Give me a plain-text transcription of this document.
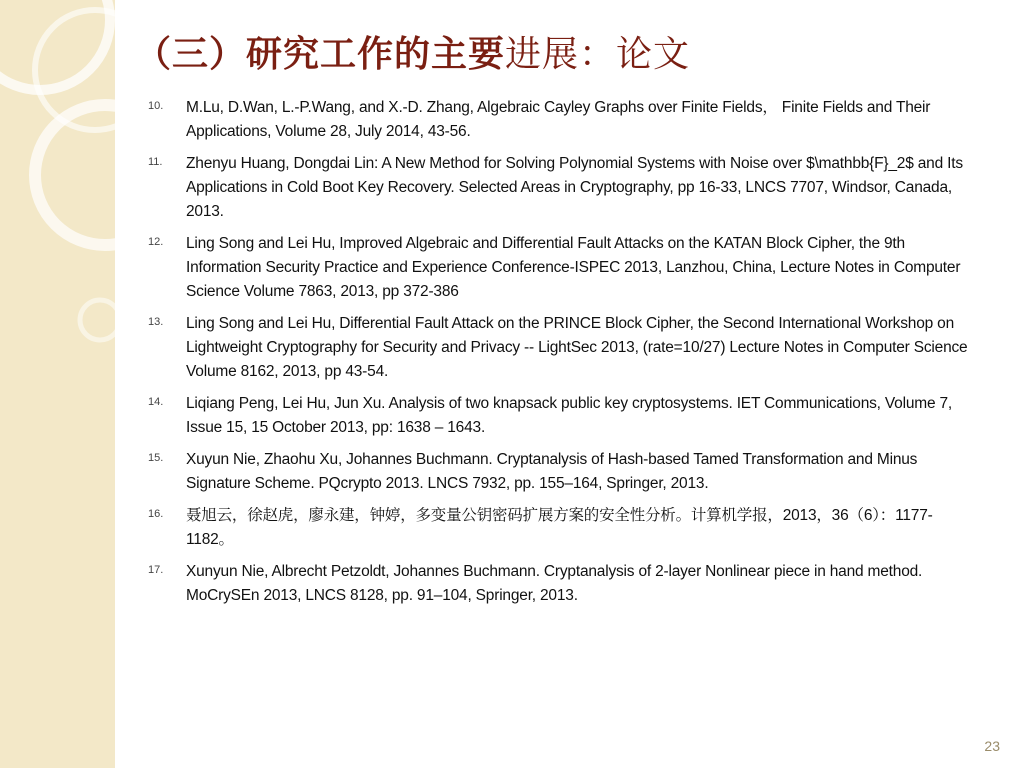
（三）研究工作的主要进展：论文
10.	M.Lu, D.Wan, L.-P.Wang, and X.-D. Zhang, Algebraic Cayley Graphs over Finite Fields， Finite Fields and Their Applications, Volume 28, July 2014, 43-56.
11.	Zhenyu Huang, Dongdai Lin: A New Method for Solving Polynomial Systems with Noise over $\mathbb{F}_2$ and Its Applications in Cold Boot Key Recovery. Selected Areas in Cryptography, pp 16-33, LNCS 7707, Windsor, Canada, 2013.
12.	Ling Song and Lei Hu, Improved Algebraic and Differential Fault Attacks on the KATAN Block Cipher, the 9th Information Security Practice and Experience Conference-ISPEC 2013, Lanzhou, China, Lecture Notes in Computer Science Volume 7863, 2013, pp 372-386
13.	Ling Song and Lei Hu, Differential Fault Attack on the PRINCE Block Cipher, the Second International Workshop on Lightweight Cryptography for Security and Privacy -- LightSec 2013, (rate=10/27) Lecture Notes in Computer Science Volume 8162, 2013, pp 43-54.
14.	Liqiang Peng, Lei Hu, Jun Xu. Analysis of two knapsack public key cryptosystems. IET Communications, Volume 7, Issue 15, 15 October 2013, pp: 1638 – 1643.
15.	Xuyun Nie, Zhaohu Xu, Johannes Buchmann. Cryptanalysis of Hash-based Tamed Transformation and Minus Signature Scheme. PQcrypto 2013. LNCS 7932, pp. 155–164, Springer, 2013.
16.	聂旭云，徐赵虎，廖永建，钟婷，多变量公钥密码扩展方案的安全性分析。计算机学报，2013，36（6）：1177-1182。
17.	Xunyun Nie, Albrecht Petzoldt, Johannes Buchmann. Cryptanalysis of 2-layer Nonlinear piece in hand method. MoCrySEn 2013, LNCS 8128, pp. 91–104, Springer, 2013.
23
